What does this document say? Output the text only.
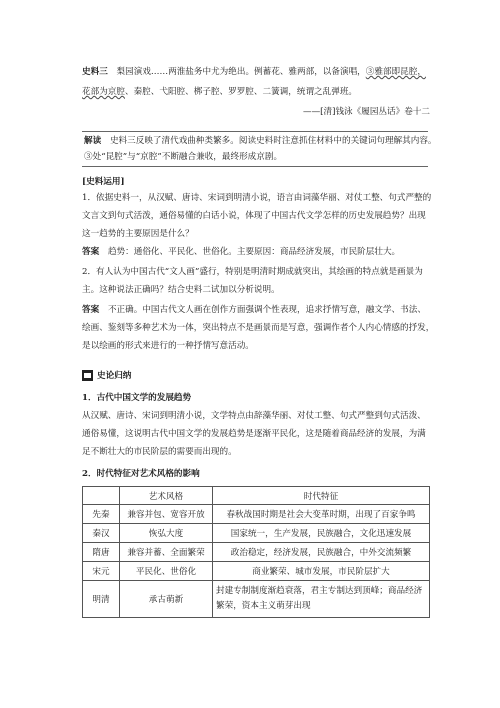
史料三 梨园演戏……两淮盐务中尤为绝出。例蓄花、雅两部，以备演唱，③雅部即昆腔，
花部为京腔、秦腔、弋阳腔、梆子腔、罗罗腔、二簧调，统谓之乱弹班。
——[清]钱泳《履园丛话》卷十二
解读 史料三反映了清代戏曲种类繁多。阅读史料时注意抓住材料中的关键词句理解其内容。
③处“昆腔”与“京腔”不断融合兼收，最终形成京剧。
[史料运用]
1．依据史料一，从汉赋、唐诗、宋词到明清小说，语言由词藻华丽、对仗工整、句式严整的
文言文到句式活泼，通俗易懂的白话小说，体现了中国古代文学怎样的历史发展趋势？出现
这一趋势的主要原因是什么？
答案 趋势：通俗化、平民化、世俗化。主要原因：商品经济发展，市民阶层壮大。
2．有人认为中国古代“文人画”盛行，特别是明清时期成就突出，其绘画的特点就是画景为
主。这种说法正确吗？结合史料二试加以分析说明。
答案 不正确。中国古代文人画在创作方面强调个性表现，追求抒情写意，融文学、书法、
绘画、鉴刻等多种艺术为一体，突出特点不是画景而是写意，强调作者个人内心情感的抒发，
是以绘画的形式来进行的一种抒情写意活动。
史论归纳
1．古代中国文学的发展趋势
从汉赋、唐诗、宋词到明清小说，文学特点由辞藻华丽、对仗工整、句式严整到句式活泼、
通俗易懂，这说明古代中国文学的发展趋势是逐渐平民化，这是随着商品经济的发展，为满
足不断壮大的市民阶层的需要而出现的。
2．时代特征对艺术风格的影响
	艺术风格	时代特征
先秦	兼容并包、宽容开放	春秋战国时期是社会大变革时期，出现了百家争鸣
秦汉	恢弘大度	国家统一，生产发展，民族融合，文化迅速发展
隋唐	兼容并蓄、全面繁荣	政治稳定，经济发展，民族融合，中外交流频繁
宋元	平民化、世俗化	商业繁荣、城市发展，市民阶层扩大
明清	承古萌新	封建专制制度渐趋衰落，君主专制达到顶峰；商品经济繁荣，资本主义萌芽出现
